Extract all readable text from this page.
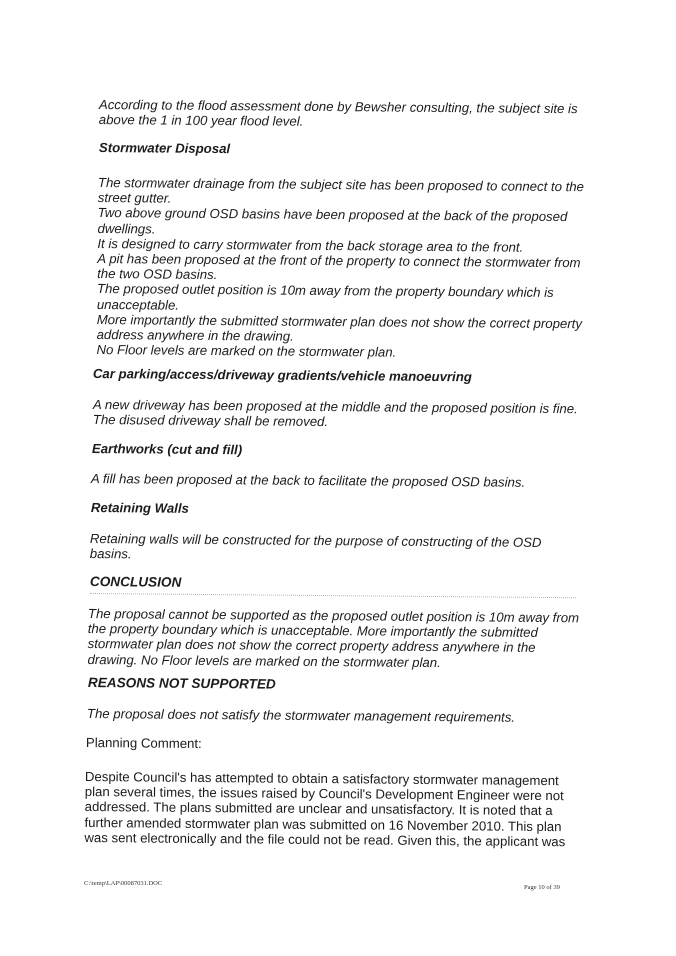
According to the flood assessment done by Bewsher consulting, the subject site is
above the 1 in 100 year flood level.
Stormwater Disposal
The stormwater drainage from the subject site has been proposed to connect to the
street gutter.
Two above ground OSD basins have been proposed at the back of the proposed
dwellings.
It is designed to carry stormwater from the back storage area to the front.
A pit has been proposed at the front of the property to connect the stormwater from
the two OSD basins.
The proposed outlet position is 10m away from the property boundary which is
unacceptable.
More importantly the submitted stormwater plan does not show the correct property
address anywhere in the drawing.
No Floor levels are marked on the stormwater plan.
Car parking/access/driveway gradients/vehicle manoeuvring
A new driveway has been proposed at the middle and the proposed position is fine.
The disused driveway shall be removed.
Earthworks (cut and fill)
A fill has been proposed at the back to facilitate the proposed OSD basins.
Retaining Walls
Retaining walls will be constructed for the purpose of constructing of the OSD
basins.
CONCLUSION
The proposal cannot be supported as the proposed outlet position is 10m away from
the property boundary which is unacceptable. More importantly the submitted
stormwater plan does not show the correct property address anywhere in the
drawing. No Floor levels are marked on the stormwater plan.
REASONS NOT SUPPORTED
The proposal does not satisfy the stormwater management requirements.

Planning Comment:

Despite Council's has attempted to obtain a satisfactory stormwater management
plan several times, the issues raised by Council's Development Engineer were not
addressed. The plans submitted are unclear and unsatisfactory. It is noted that a
further amended stormwater plan was submitted on 16 November 2010. This plan
was sent electronically and the file could not be read. Given this, the applicant was
C:\temp\LAP\00087031.DOC
Page 10 of 39
